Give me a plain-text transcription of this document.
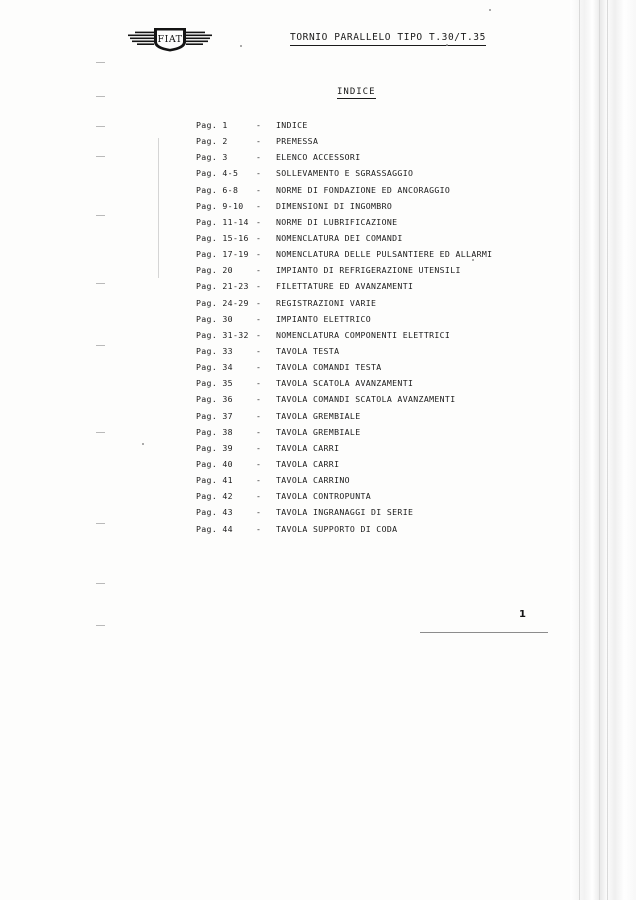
FIAT	TORNIO PARALLELO TIPO T.30/T.35
INDICE
Pag. 1	-	INDICE
Pag. 2	-	PREMESSA
Pag. 3	-	ELENCO ACCESSORI
Pag. 4-5	-	SOLLEVAMENTO E SGRASSAGGIO
Pag. 6-8	-	NORME DI FONDAZIONE ED ANCORAGGIO
Pag. 9-10	-	DIMENSIONI DI INGOMBRO
Pag. 11-14 -	NORME DI LUBRIFICAZIONE
Pag. 15-16 -	NOMENCLATURA DEI COMANDI
Pag. 17-19 -	NOMENCLATURA DELLE PULSANTIERE ED ALLARMI
Pag. 20	-	IMPIANTO DI REFRIGERAZIONE UTENSILI
Pag. 21-23 -	FILETTATURE ED AVANZAMENTI
Pag. 24-29 -	REGISTRAZIONI VARIE
Pag. 30	-	IMPIANTO ELETTRICO
Pag. 31-32 -	NOMENCLATURA COMPONENTI ELETTRICI
Pag. 33	-	TAVOLA TESTA
Pag. 34	-	TAVOLA COMANDI TESTA
Pag. 35	-	TAVOLA SCATOLA AVANZAMENTI
Pag. 36	-	TAVOLA COMANDI SCATOLA AVANZAMENTI
Pag. 37	-	TAVOLA GREMBIALE
Pag. 38	-	TAVOLA GREMBIALE
Pag. 39	-	TAVOLA CARRI
Pag. 40	-	TAVOLA CARRI
Pag. 41	-	TAVOLA CARRINO
Pag. 42	-	TAVOLA CONTROPUNTA
Pag. 43	-	TAVOLA INGRANAGGI DI SERIE
Pag. 44	-	TAVOLA SUPPORTO DI CODA
1
